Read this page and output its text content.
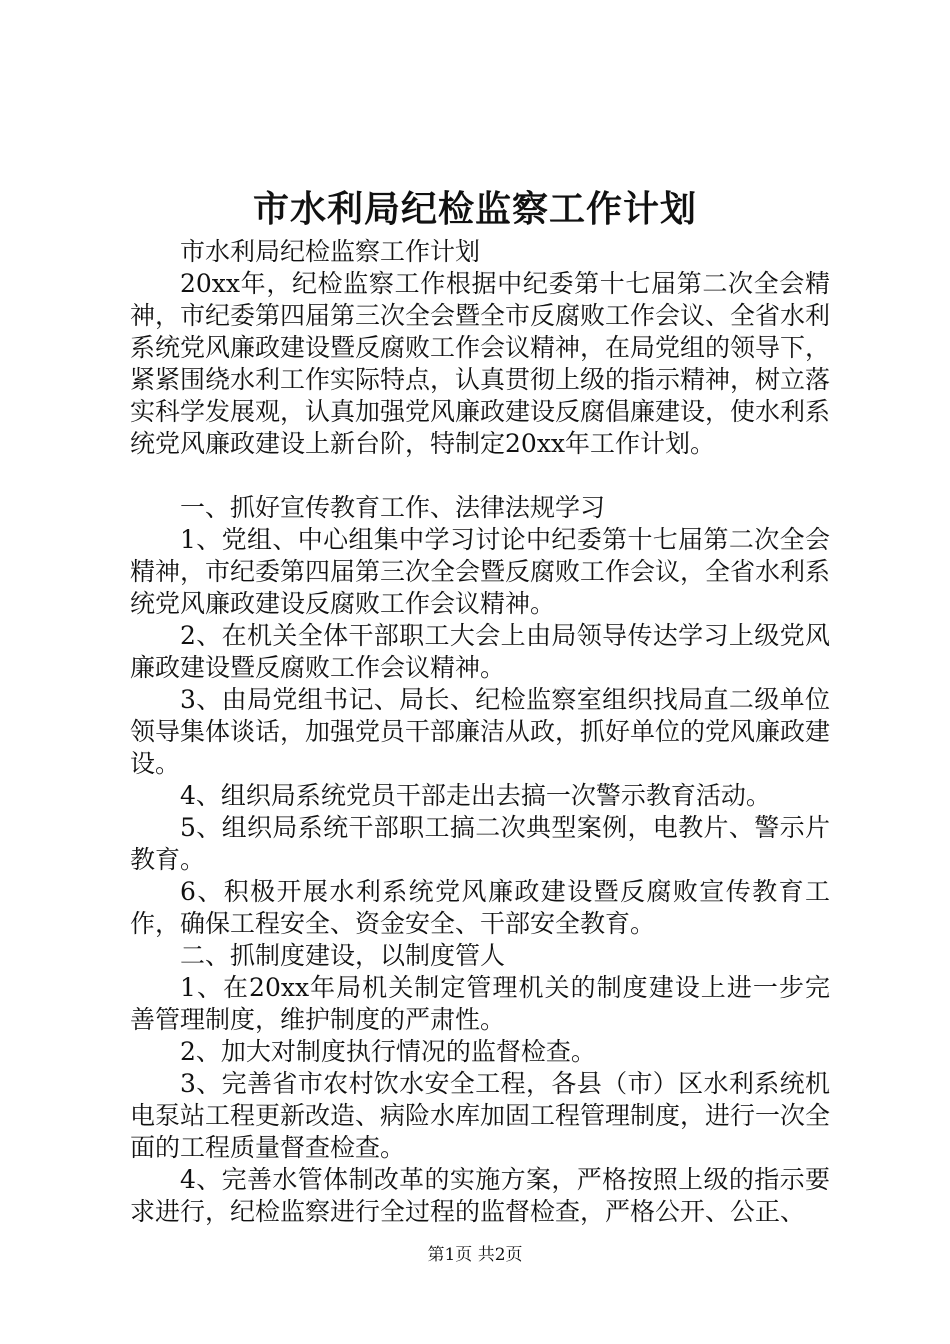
市水利局纪检监察工作计划

市水利局纪检监察工作计划

20xx年，纪检监察工作根据中纪委第十七届第二次全会精神，市纪委第四届第三次全会暨全市反腐败工作会议、全省水利系统党风廉政建设暨反腐败工作会议精神，在局党组的领导下，紧紧围绕水利工作实际特点，认真贯彻上级的指示精神，树立落实科学发展观，认真加强党风廉政建设反腐倡廉建设，使水利系统党风廉政建设上新台阶，特制定20xx年工作计划。

一、抓好宣传教育工作、法律法规学习

1、党组、中心组集中学习讨论中纪委第十七届第二次全会精神，市纪委第四届第三次全会暨反腐败工作会议，全省水利系统党风廉政建设反腐败工作会议精神。

2、在机关全体干部职工大会上由局领导传达学习上级党风廉政建设暨反腐败工作会议精神。

3、由局党组书记、局长、纪检监察室组织找局直二级单位领导集体谈话，加强党员干部廉洁从政，抓好单位的党风廉政建设。

4、组织局系统党员干部走出去搞一次警示教育活动。

5、组织局系统干部职工搞二次典型案例，电教片、警示片教育。

6、积极开展水利系统党风廉政建设暨反腐败宣传教育工作，确保工程安全、资金安全、干部安全教育。

二、抓制度建设，以制度管人

1、在20xx年局机关制定管理机关的制度建设上进一步完善管理制度，维护制度的严肃性。

2、加大对制度执行情况的监督检查。

3、完善省市农村饮水安全工程，各县（市）区水利系统机电泵站工程更新改造、病险水库加固工程管理制度，进行一次全面的工程质量督查检查。

4、完善水管体制改革的实施方案，严格按照上级的指示要求进行，纪检监察进行全过程的监督检查，严格公开、公正、

第1页 共2页
